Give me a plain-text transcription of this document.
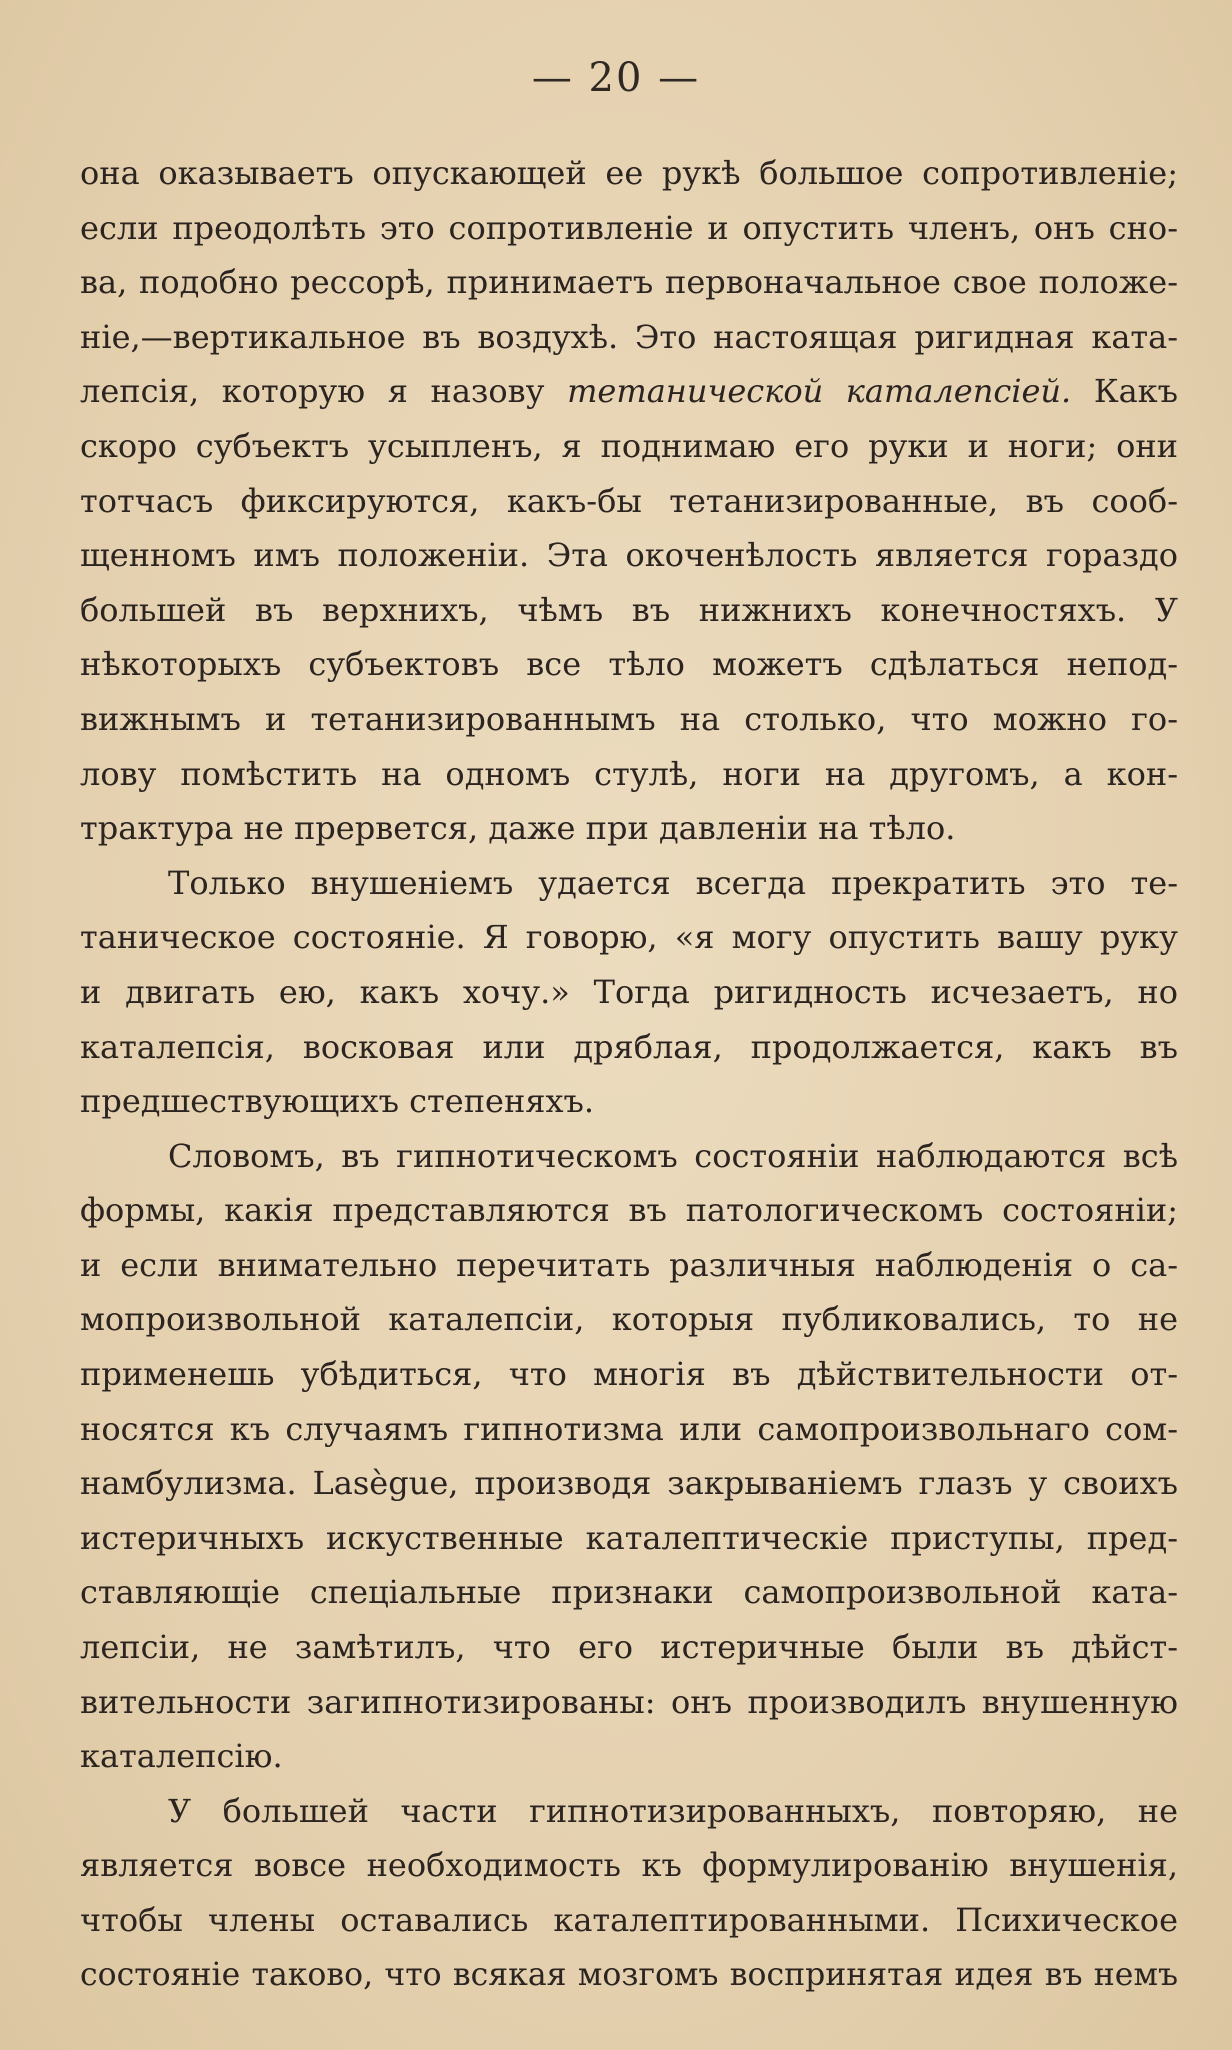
— 20 —
она оказываетъ опускающей ее рукѣ большое сопротивленіе;
если преодолѣть это сопротивленіе и опустить членъ, онъ сно-
ва, подобно рессорѣ, принимаетъ первоначальное свое положе-
ніе,—вертикальное въ воздухѣ. Это настоящая ригидная ката-
лепсія, которую я назову тетанической каталепсіей. Какъ
скоро субъектъ усыпленъ, я поднимаю его руки и ноги; они
тотчасъ фиксируются, какъ-бы тетанизированные, въ сооб-
щенномъ имъ положеніи. Эта окоченѣлость является гораздо
большей въ верхнихъ, чѣмъ въ нижнихъ конечностяхъ. У
нѣкоторыхъ субъектовъ все тѣло можетъ сдѣлаться непод-
вижнымъ и тетанизированнымъ на столько, что можно го-
лову помѣстить на одномъ стулѣ, ноги на другомъ, а кон-
трактура не прервется, даже при давленіи на тѣло.
Только внушеніемъ удается всегда прекратить это те-
таническое состояніе. Я говорю, «я могу опустить вашу руку
и двигать ею, какъ хочу.» Тогда ригидность исчезаетъ, но
каталепсія, восковая или дряблая, продолжается, какъ въ
предшествующихъ степеняхъ.
Словомъ, въ гипнотическомъ состояніи наблюдаются всѣ
формы, какія представляются въ патологическомъ состояніи;
и если внимательно перечитать различныя наблюденія о са-
мопроизвольной каталепсіи, которыя публиковались, то не
применешь убѣдиться, что многія въ дѣйствительности от-
носятся къ случаямъ гипнотизма или самопроизвольнаго сом-
намбулизма. Lasègue, производя закрываніемъ глазъ у своихъ
истеричныхъ искуственные каталептическіе приступы, пред-
ставляющіе спеціальные признаки самопроизвольной ката-
лепсіи, не замѣтилъ, что его истеричные были въ дѣйст-
вительности загипнотизированы: онъ производилъ внушенную
каталепсію.
У большей части гипнотизированныхъ, повторяю, не
является вовсе необходимость къ формулированію внушенія,
чтобы члены оставались каталептированными. Психическое
состояніе таково, что всякая мозгомъ воспринятая идея въ немъ
